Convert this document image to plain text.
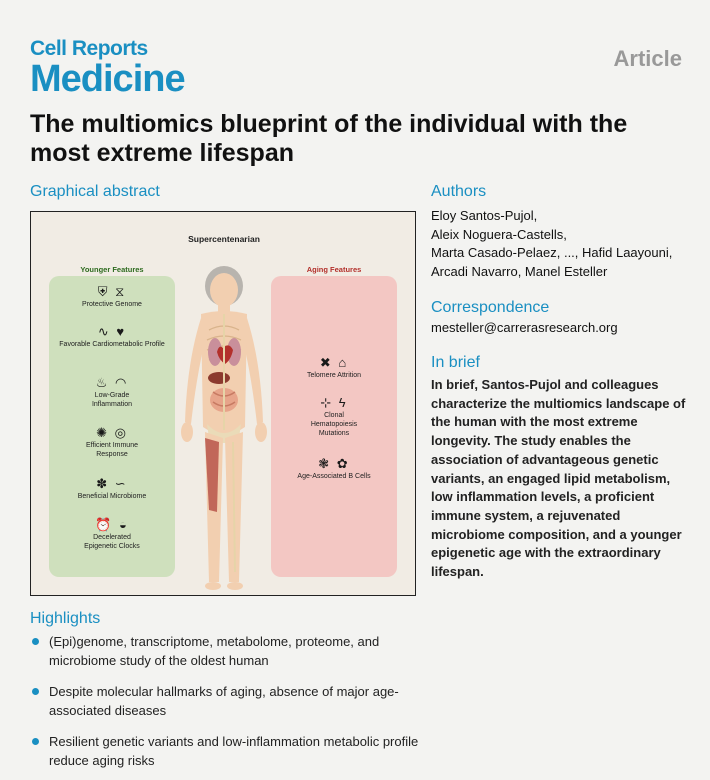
Cell Reports
Medicine	Article
The multiomics blueprint of the individual with the most extreme lifespan
Graphical abstract
Supercentenarian
Younger Features	Aging Features
⛨ ⧖
Protective Genome
∿ ♥
Favorable Cardiometabolic Profile
♨ ◠
Low-Grade Inflammation
✺ ◎
Efficient Immune Response
✽ ∽
Beneficial Microbiome
⏰ ◒
Decelerated Epigenetic Clocks
✖ ⌂
Telomere Attrition
⊹ ϟ
Clonal Hematopoiesis Mutations
❃ ✿
Age-Associated B Cells
Authors
Eloy Santos-Pujol,
Aleix Noguera-Castells,
Marta Casado-Pelaez, ..., Hafid Laayouni,
Arcadi Navarro, Manel Esteller
Correspondence
mesteller@carrerasresearch.org
In brief
In brief, Santos-Pujol and colleagues characterize the multiomics landscape of the human with the most extreme longevity. The study enables the association of advantageous genetic variants, an engaged lipid metabolism, low inflammation levels, a proficient immune system, a rejuvenated microbiome composition, and a younger epigenetic age with the extraordinary lifespan.
Highlights
(Epi)genome, transcriptome, metabolome, proteome, and microbiome study of the oldest human
Despite molecular hallmarks of aging, absence of major age-associated diseases
Resilient genetic variants and low-inflammation metabolic profile reduce aging risks
